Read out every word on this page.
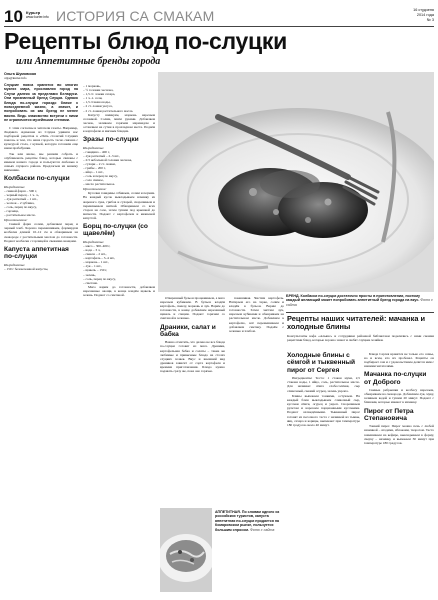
10 Курьер
www.kurier.info ИСТОРИЯ СА СМАКАМ	16 студзеня
2014 года
№ 3
Рецепты блюд по-слуцки
или Аппетитные бренды города
Ольга Шумовская
olga@kurier.info

Слуцкие пояса хранятся во многих музеях мира, прославляя город на Случи далеко за пределами Беларуси. Они признанный бренд Слуцка. Однако блюда по-слуцки гораздо ближе к повседневной жизни, а значит, и попробовать их как бренд не менее важно. Ведь знакомство встречи с ними не ограничится музейными стенами.

С этим согласны и читатели газеты. Например, Людмила Адамовна из Слуцка удивила нас подборкой рецептов в «Пять столетий Слуцких поясов» и тем, что наша гордость тесно связана с культурой стола, с кухней, которую готовили еще наши прабабушки.

Так или иначе, мы решили собрать и опубликовать рецепты блюд, которые связаны с именем нашего города и пользуются любовью в семьях слуцкого района. Предлагаем их вашему вниманию.

Колбаски по-слуцки
Ингредиенты:
– свиной фарш – 500 г,
– черный перец – 1 ч. л.,
– лук репчатый – 1 шт.,
– чеснок – 2 зубчика,
– соль, перец по вкусу,
– горчица,
– растительное масло.
Приготовление:

Свиной фарш солим, добавляем перец и черный хлеб. Хорошо перемешиваем, формируем колбаски длиной 10–12 см и обжариваем на сковороде с растительным маслом до готовности. Подают колбаски с горчицей и свежими овощами.

Капуста аппетитная по-слуцки
Ингредиенты:
– 150 г белокочанной капусты,
– 1 морковь,
– ½ головки чеснока,
– 1,5 ст. ложки сахара,
– 1 ч. л. соли,
– 1,5 стакана воды,
– 2 ст. ложки уксуса,
– 2 ст. ложки растительного масла.

Капусту шинкуем, морковь нарезаем соломкой. Солим, мнём руками. Добавляем чеснок, заливаем горячим маринадом и оставляем на сутки в прохладном месте. Подаём к картофелю и мясным блюдам.

Зразы по-слуцки
Ингредиенты:
– говядина – 400 г,
– лук репчатый – 2–3 шт.,
– 2/3 небольшой головки чеснока,
– сухари – 2 ст. ложки,
– грибы – 200 г,
– яйцо – 1 шт.,
– соль и перец по вкусу,
– сало свиное,
– масло растительное.
Приготовление:

Кусочки говядины отбиваем, солим и перчим. На каждый кусок выкладываем начинку из жареного лука, грибов и сухарей, сворачиваем и перевязываем ниткой. Обжариваем со всех сторон на сале, затем тушим под крышкой до мягкости. Подают с картофелем и квашеной капустой.

Борщ по-слуцки (со щавелём)
Ингредиенты:
– мясо – 300–400 г,
– вода – 3 л,
– свекла – 2 шт.,
– картофель – 3–4 шт.,
– морковь – 1 шт.,
– лук – 1 шт.,
– щавель – 150 г,
– зелень,
– соль, перец по вкусу,
– сметана.

Мясо варим до готовности, добавляем нарезанные овощи, в конце кладём щавель и зелень. Подают со сметаной.	БРЕНД. Колбаски по-слуцки достаточно просты в приготовлении, поэтому каждый желающий может попробовать аппетитный бренд города на вкус. Фото с сайта

Отваренный бульон процеживаем, а мясо нарезаем кубиками. В бульон кладём картофель, свеклу, морковь и лук. Варим до готовности, в конце добавляем нарезанный щавель и специи. Подают горячим со сметаной и зеленью.

Драники, салат и бабка

Важно отметить, что далеко не все блюда по-слуцки готовят из мяса. Драники, картофельная бабка и салаты – такие же любимые и привычные блюда на столах слуцких хозяек. Вкус и внешний вид драников зависит от сорта картофеля и времени приготовления. Блюдо нужно подавать сразу же, пока оно горячее.

помешивая. Чистим картофель. Натираем его на терке, солим и кладём в бульон. Варим до готовности. Затем чистим лук, нарезаем кубиками и обжариваем на растительном масле. Добавляем к картофелю, всё перемешиваем и добавляем сметану. Подаём с зеленью и хлебом.

АППЕТИТНАЯ. По словам одного из российских туристов, капуста аппетитная по-слуцки продается на Комаровском рынке, пользуется большим спросом. Фото с сайта
Рецепты наших читателей: мачанка и холодные блины
Консультанты кафе «Альянс» и сотрудники районной библиотеки поделились с нами своими рецептами блюд, которые хорошо знают и любят слуцкие хозяйки.
Холодные блины с сёмгой и тыквенный пирог от Сергея

Ингредиенты: Тесто: 1 стакан муки, 2,5 стакана воды, 1 яйцо, соль, растительное масло. Для начинки: сёмга слабосолёная, сыр сливочный, свежий огурец, зелень укропа.

Блины выпекаем тонкими, остужаем. На каждый блин выкладываем сливочный сыр, кусочки сёмги, огурец и укроп. Сворачиваем рулетом и нарезаем порционными кусочками. Подают охлаждёнными. Тыквенный пирог готовят из песочного теста с начинкой из тыквы, яиц, сахара и корицы, выпекают при температуре 180 градусов около 40 минут.

Блюда Сергея нравятся не только его семье, но и всем, кто их пробовал. Рецепты он подбирает сам и с удовольствием делится ими с нашими читателями.

Мачанка по-слуцки от Доброго

Свиные ребрышки и колбасу нарезаем, обжариваем на сковороде. Добавляем лук, муку, заливаем водой и тушим 20 минут. Подают с блинами, которые макают в мачанку.

Пирог от Петра Степановича

Тонкий пирог. Пирог можно печь с любой начинкой – ягодами, яблоками, творогом. Тесто замешиваем на кефире, выкладываем в форму, сверху – начинку, и выпекаем 30 минут при температуре 180 градусов.
